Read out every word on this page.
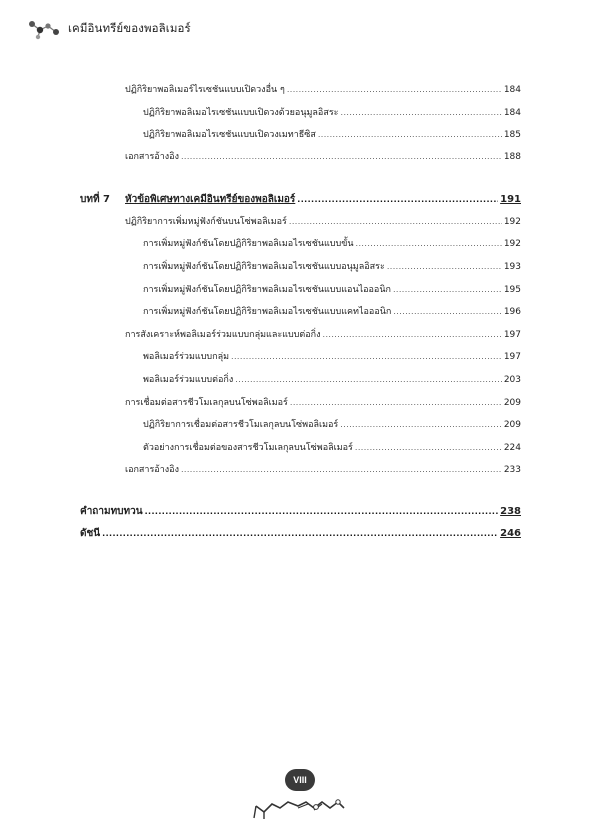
เคมีอินทรีย์ของพอลิเมอร์
ปฏิกิริยาพอลิเมอร์ไรเซชันแบบเปิดวงอื่น ๆ .....	184
ปฏิกิริยาพอลิเมอไรเซชันแบบเปิดวงด้วยอนุมูลอิสระ .....	184
ปฏิกิริยาพอลิเมอไรเซชันแบบเปิดวงเมทาธีซิส .....	185
เอกสารอ้างอิง .....	188
บทที่ 7 หัวข้อพิเศษทางเคมีอินทรีย์ของพอลิเมอร์ .....	191
ปฏิกิริยาการเพิ่มหมู่ฟังก์ชันบนโซ่พอลิเมอร์ .....	192
การเพิ่มหมู่ฟังก์ชันโดยปฏิกิริยาพอลิเมอไรเซชันแบบขั้น .....	192
การเพิ่มหมู่ฟังก์ชันโดยปฏิกิริยาพอลิเมอไรเซชันแบบอนุมูลอิสระ .....	193
การเพิ่มหมู่ฟังก์ชันโดยปฏิกิริยาพอลิเมอไรเซชันแบบแอนไอออนิก .....	195
การเพิ่มหมู่ฟังก์ชันโดยปฏิกิริยาพอลิเมอไรเซชันแบบแคทไอออนิก .....	196
การสังเคราะห์พอลิเมอร์ร่วมแบบกลุ่มและแบบต่อกิ่ง .....	197
พอลิเมอร์ร่วมแบบกลุ่ม .....	197
พอลิเมอร์ร่วมแบบต่อกิ่ง .....	203
การเชื่อมต่อสารชีวโมเลกุลบนโซ่พอลิเมอร์ .....	209
ปฏิกิริยาการเชื่อมต่อสารชีวโมเลกุลบนโซ่พอลิเมอร์ .....	209
ตัวอย่างการเชื่อมต่อของสารชีวโมเลกุลบนโซ่พอลิเมอร์ .....	224
เอกสารอ้างอิง .....	233
คำถามทบทวน .....	238
ดัชนี .....	246
VIII
